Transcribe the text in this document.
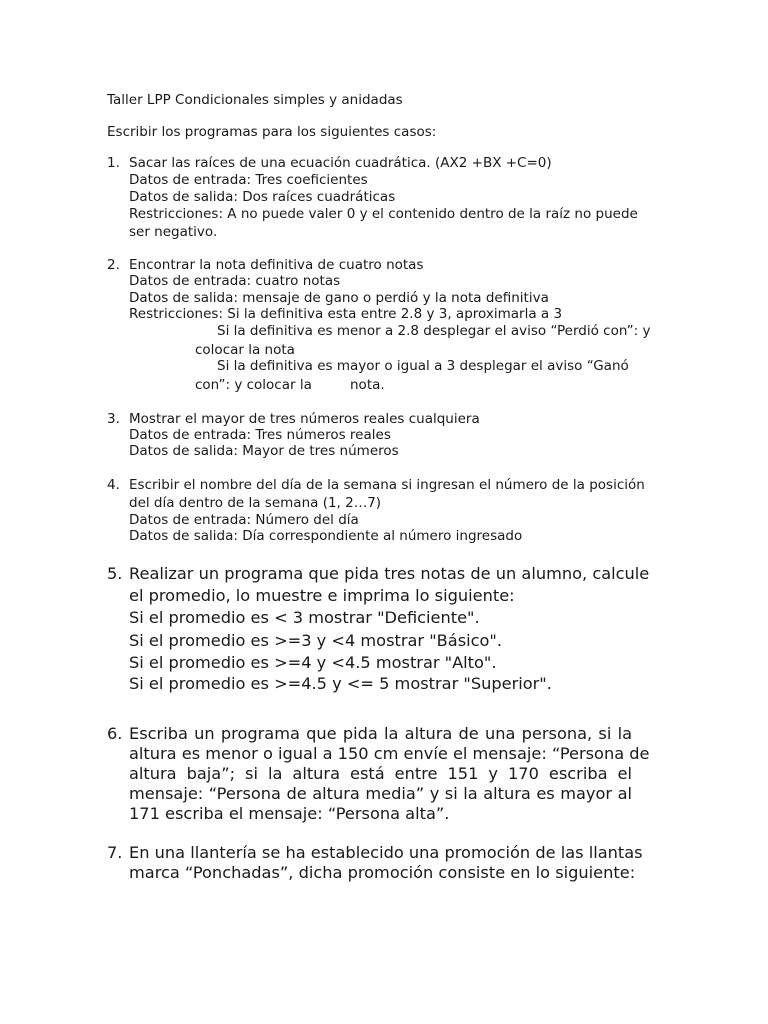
Taller LPP Condicionales simples y anidadas
Escribir los programas para los siguientes casos:
1. Sacar las raíces de una ecuación cuadrática. (AX2 +BX +C=0)
Datos de entrada: Tres coeficientes
Datos de salida: Dos raíces cuadráticas
Restricciones: A no puede valer 0 y el contenido dentro de la raíz no puede
ser negativo.
2. Encontrar la nota definitiva de cuatro notas
Datos de entrada: cuatro notas
Datos de salida: mensaje de gano o perdió y la nota definitiva
Restricciones: Si la definitiva esta entre 2.8 y 3, aproximarla a 3
Si la definitiva es menor a 2.8 desplegar el aviso “Perdió con”: y
colocar la nota
Si la definitiva es mayor o igual a 3 desplegar el aviso “Ganó
con”: y colocar la	nota.
3. Mostrar el mayor de tres números reales cualquiera
Datos de entrada: Tres números reales
Datos de salida: Mayor de tres números
4. Escribir el nombre del día de la semana si ingresan el número de la posición
del día dentro de la semana (1, 2…7)
Datos de entrada: Número del día
Datos de salida: Día correspondiente al número ingresado
5. Realizar un programa que pida tres notas de un alumno, calcule
el promedio, lo muestre e imprima lo siguiente:
Si el promedio es < 3 mostrar "Deficiente".
Si el promedio es >=3 y <4 mostrar "Básico".
Si el promedio es >=4 y <4.5 mostrar "Alto".
Si el promedio es >=4.5 y <= 5 mostrar "Superior".
6. Escriba un programa que pida la altura de una persona, si la
altura es menor o igual a 150 cm envíe el mensaje: “Persona de
altura baja”; si la altura está entre 151 y 170 escriba el
mensaje: “Persona de altura media” y si la altura es mayor al
171 escriba el mensaje: “Persona alta”.
7. En una llantería se ha establecido una promoción de las llantas
marca “Ponchadas”, dicha promoción consiste en lo siguiente:
